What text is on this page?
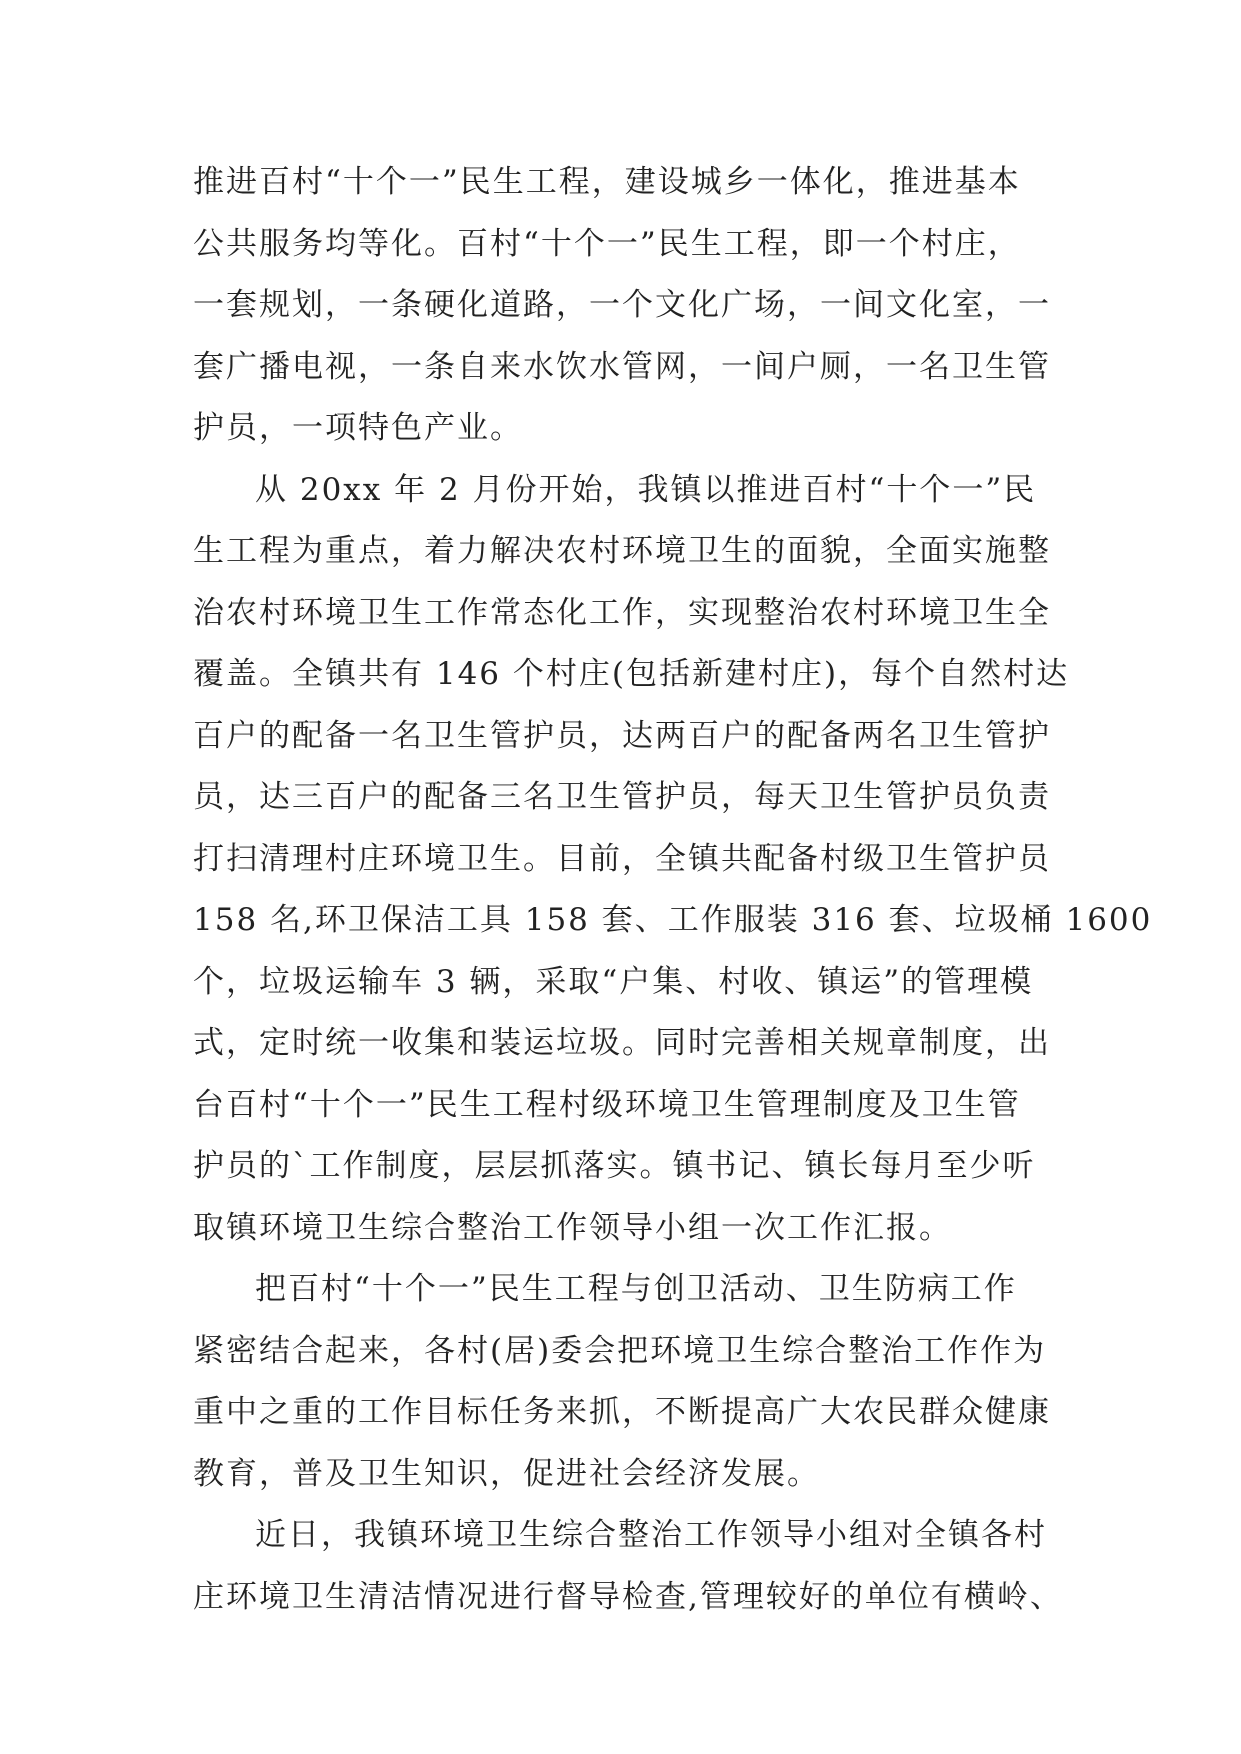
推进百村“十个一”民生工程，建设城乡一体化，推进基本
公共服务均等化。百村“十个一”民生工程，即一个村庄，
一套规划，一条硬化道路，一个文化广场，一间文化室，一
套广播电视，一条自来水饮水管网，一间户厕，一名卫生管
护员，一项特色产业。
从 20xx 年 2 月份开始，我镇以推进百村“十个一”民
生工程为重点，着力解决农村环境卫生的面貌，全面实施整
治农村环境卫生工作常态化工作，实现整治农村环境卫生全
覆盖。全镇共有 146 个村庄(包括新建村庄)，每个自然村达
百户的配备一名卫生管护员，达两百户的配备两名卫生管护
员，达三百户的配备三名卫生管护员，每天卫生管护员负责
打扫清理村庄环境卫生。目前，全镇共配备村级卫生管护员
158 名,环卫保洁工具 158 套、工作服装 316 套、垃圾桶 1600
个，垃圾运输车 3 辆，采取“户集、村收、镇运”的管理模
式，定时统一收集和装运垃圾。同时完善相关规章制度，出
台百村“十个一”民生工程村级环境卫生管理制度及卫生管
护员的`工作制度，层层抓落实。镇书记、镇长每月至少听
取镇环境卫生综合整治工作领导小组一次工作汇报。
把百村“十个一”民生工程与创卫活动、卫生防病工作
紧密结合起来，各村(居)委会把环境卫生综合整治工作作为
重中之重的工作目标任务来抓，不断提高广大农民群众健康
教育，普及卫生知识，促进社会经济发展。
近日，我镇环境卫生综合整治工作领导小组对全镇各村
庄环境卫生清洁情况进行督导检查,管理较好的单位有横岭、
